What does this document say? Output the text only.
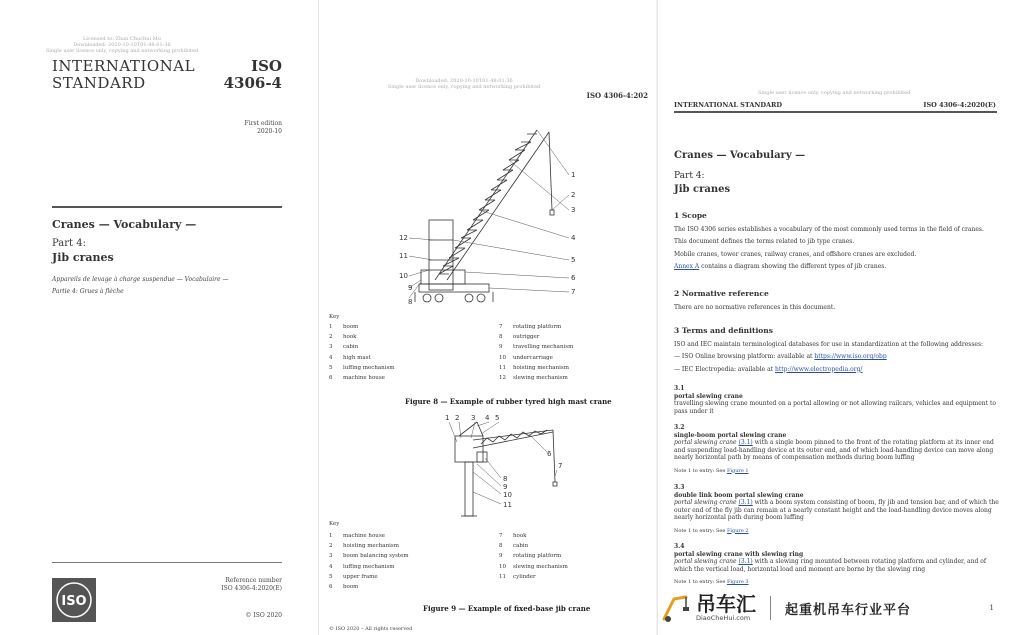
Licensed to: Zhan Chuchui Mu
Downloaded: 2020-10-10T01:48:01:36
Single user licence only, copying and networking prohibited
INTERNATIONAL
STANDARD
ISO
4306-4
First edition
2020-10
Cranes — Vocabulary —
Part 4:
Jib cranes
Appareils de levage à charge suspendue — Vocabulaire —
Partie 4: Grues à flèche
ISO
Reference number
ISO 4306-4:2020(E)
© ISO 2020
Downloaded: 2020-10-10T01:48:01:36
Single user licence only, copying and networking prohibited
ISO 4306-4:202
1
2
3
4
5
6
7
8
9
10
11
12
Key
1 boom	7 rotating platform
2 hook	8 outrigger
3 cabin	9 travelling mechanism
4 high mast	10 undercarriage
5 luffing mechanism	11 hoisting mechanism
6 machine house	12 slewing mechanism
Figure 8 — Example of rubber tyred high mast crane
1 2 3 4 5
6
7
8
9
10
11
Key
1 machine house	7 hook
2 hoisting mechanism	8 cabin
3 boom balancing system	9 rotating platform
4 luffing mechanism	10 slewing mechanism
5 upper frame	11 cylinder
6 boom
Figure 9 — Example of fixed-base jib crane
© ISO 2020 – All rights reserved
Single user licence only, copying and networking prohibited
INTERNATIONAL STANDARD	ISO 4306-4:2020(E)
Cranes — Vocabulary —
Part 4:
Jib cranes
1 Scope
The ISO 4306 series establishes a vocabulary of the most commonly used terms in the field of cranes.
This document defines the terms related to jib type cranes.
Mobile cranes, tower cranes, railway cranes, and offshore cranes are excluded.
Annex A contains a diagram showing the different types of jib cranes.
2 Normative reference
There are no normative references in this document.
3 Terms and definitions
ISO and IEC maintain terminological databases for use in standardization at the following addresses:
— ISO Online browsing platform: available at https://www.iso.org/obp
— IEC Electropedia: available at http://www.electropedia.org/
3.1
portal slewing crane
travelling slewing crane mounted on a portal allowing or not allowing railcars, vehicles and equipment to pass under it
3.2
single-boom portal slewing crane
portal slewing crane (3.1) with a single boom pinned to the front of the rotating platform at its inner end and suspending load-handling device at its outer end, and of which load-handling device can move along nearly horizontal path by means of compensation methods during boom luffing
Note 1 to entry: See Figure 1
3.3
double link boom portal slewing crane
portal slewing crane (3.1) with a boom system consisting of boom, fly jib and tension bar, and of which the outer end of the fly jib can remain at a nearly constant height and the load-handling device moves along nearly horizontal path during boom luffing
Note 1 to entry: See Figure 2
3.4
portal slewing crane with slewing ring
portal slewing crane (3.1) with a slewing ring mounted between rotating platform and cylinder, and of which the vertical load, horizontal load and moment are borne by the slewing ring
Note 1 to entry: See Figure 3
1
吊车汇
DiaoCheHui.com
起重机吊车行业平台
